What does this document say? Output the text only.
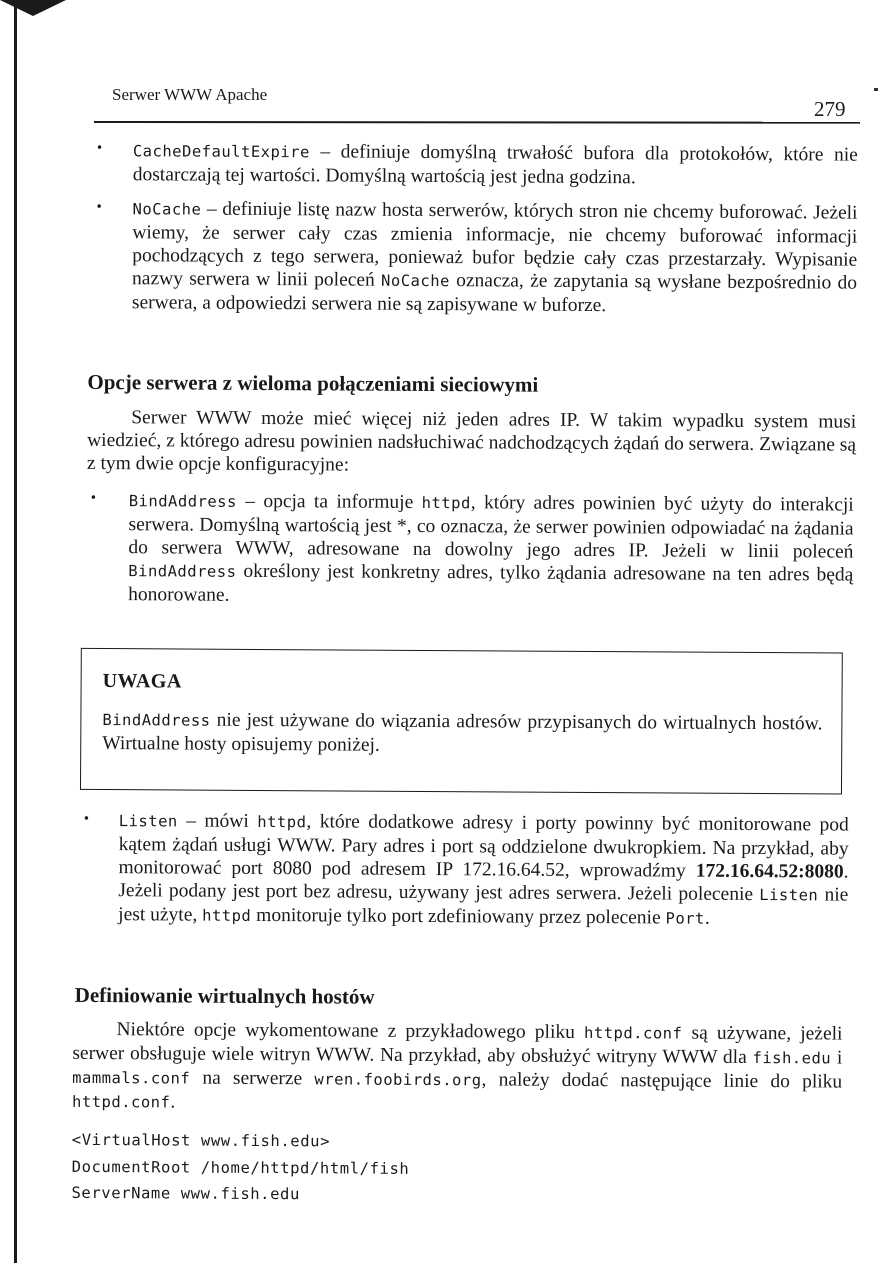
Serwer WWW Apache
279
• CacheDefaultExpire – definiuje domyślną trwałość bufora dla protokołów, które nie dostarczają tej wartości. Domyślną wartością jest jedna godzina.
• NoCache – definiuje listę nazw hosta serwerów, których stron nie chcemy buforować. Jeżeli wiemy, że serwer cały czas zmienia informacje, nie chcemy buforować informacji pochodzących z tego serwera, ponieważ bufor będzie cały czas przestarzały. Wypisanie nazwy serwera w linii poleceń NoCache oznacza, że zapytania są wysłane bezpośrednio do serwera, a odpowiedzi serwera nie są zapisywane w buforze.
Opcje serwera z wieloma połączeniami sieciowymi
Serwer WWW może mieć więcej niż jeden adres IP. W takim wypadku system musi wiedzieć, z którego adresu powinien nadsłuchiwać nadchodzących żądań do serwera. Związane są z tym dwie opcje konfiguracyjne:
• BindAddress – opcja ta informuje httpd, który adres powinien być użyty do interakcji serwera. Domyślną wartością jest *, co oznacza, że serwer powinien odpowiadać na żądania do serwera WWW, adresowane na dowolny jego adres IP. Jeżeli w linii poleceń BindAddress określony jest konkretny adres, tylko żądania adresowane na ten adres będą honorowane.
UWAGA
BindAddress nie jest używane do wiązania adresów przypisanych do wirtualnych hostów. Wirtualne hosty opisujemy poniżej.
• Listen – mówi httpd, które dodatkowe adresy i porty powinny być monitorowane pod kątem żądań usługi WWW. Pary adres i port są oddzielone dwukropkiem. Na przykład, aby monitorować port 8080 pod adresem IP 172.16.64.52, wprowadźmy 172.16.64.52:8080. Jeżeli podany jest port bez adresu, używany jest adres serwera. Jeżeli polecenie Listen nie jest użyte, httpd monitoruje tylko port zdefiniowany przez polecenie Port.
Definiowanie wirtualnych hostów
Niektóre opcje wykomentowane z przykładowego pliku httpd.conf są używane, jeżeli serwer obsługuje wiele witryn WWW. Na przykład, aby obsłużyć witryny WWW dla fish.edu i mammals.conf na serwerze wren.foobirds.org, należy dodać następujące linie do pliku httpd.conf.
<VirtualHost www.fish.edu>
DocumentRoot /home/httpd/html/fish
ServerName www.fish.edu
